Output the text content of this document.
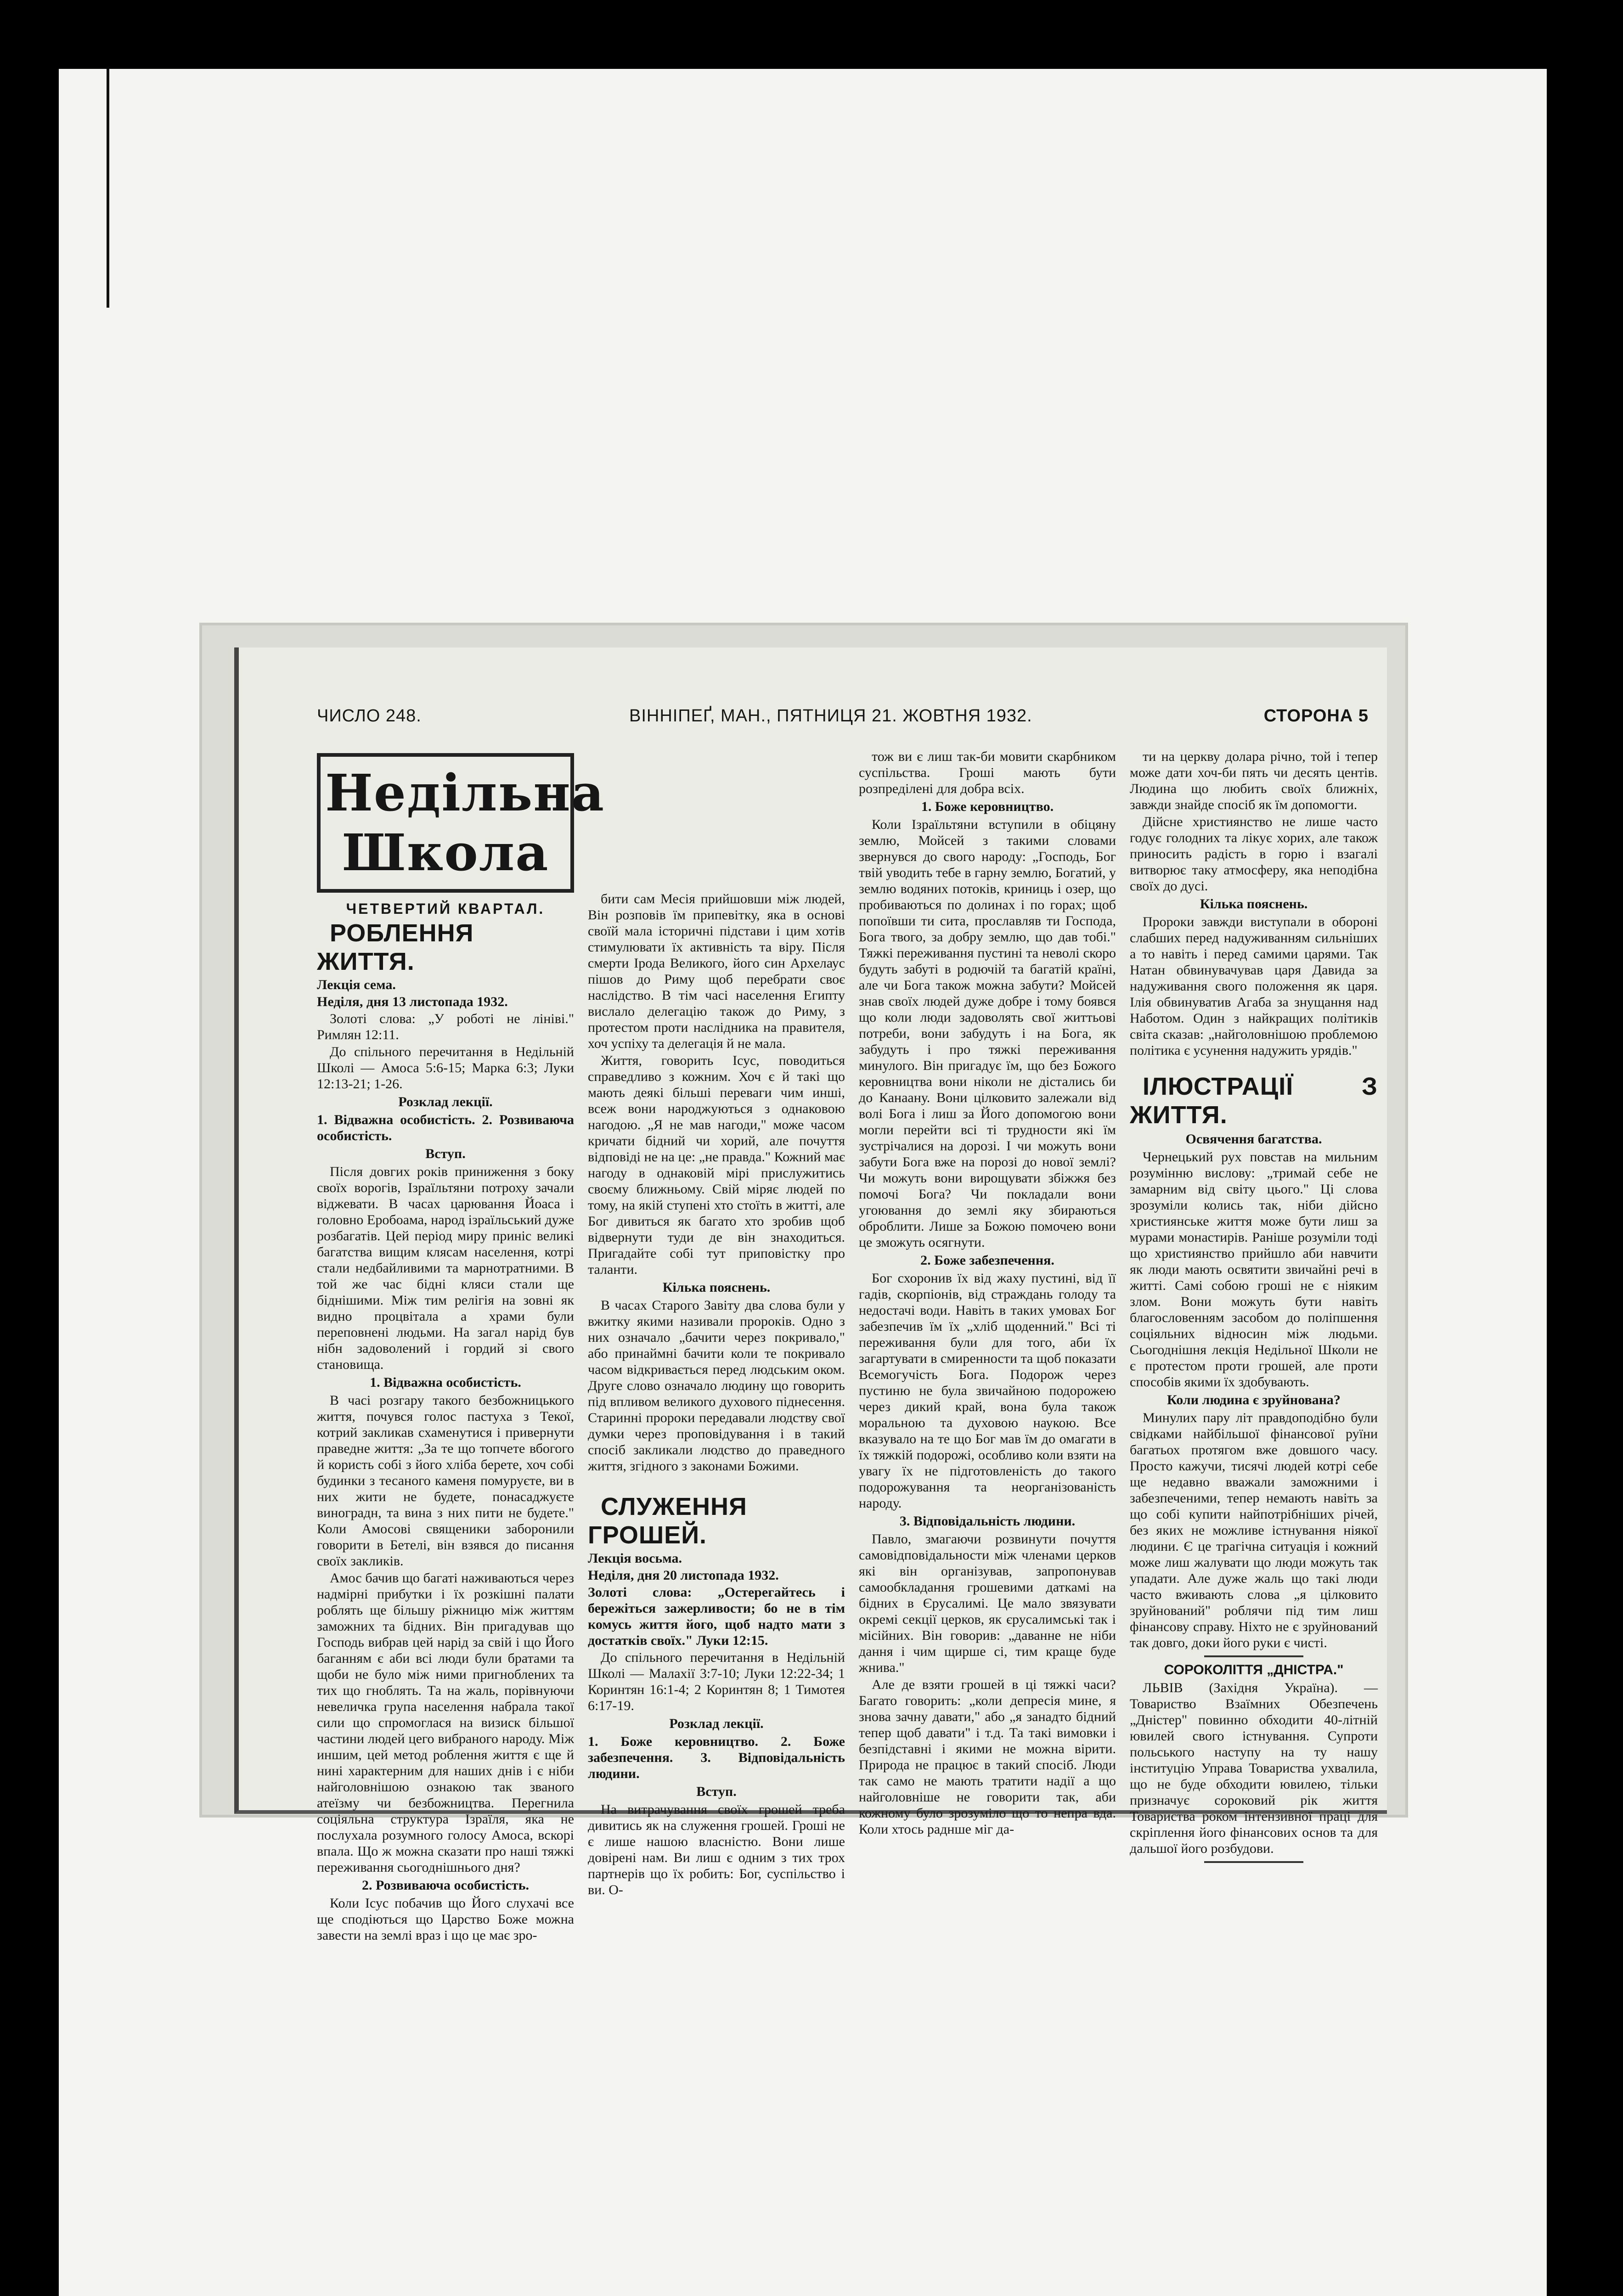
ЧИСЛО 248.	ВІННІПЕҐ, МАН., ПЯТНИЦЯ 21. ЖОВТНЯ 1932.	СТОРОНА 5
Недільна Школа

ЧЕТВЕРТИЙ КВАРТАЛ.

РОБЛЕННЯ ЖИТТЯ.

Лекція сема.

Неділя, дня 13 листопада 1932.

Золоті слова: „У роботі не лініві." Римлян 12:11.

До спільного перечитання в Недільній Школі — Амоса 5:6-15; Марка 6:3; Луки 12:13-21; 1-26.

Розклад лекції.

1. Відважна особистість. 2. Розвиваюча особистість.

Вступ.

Після довгих років приниження з боку своїх ворогів, Ізраїльтяни потроху зачали віджевати. В часах царювання Йоаса і головно Еробоама, народ ізраїльський дуже розбагатів. Цей період миру приніс великі багатства вищим клясам населення, котрі стали недбайливими та марнотратними. В той же час бідні кляси стали ще біднішими. Між тим релігія на зовні як видно процвітала а храми були переповнені людьми. На загал нарід був нібн задоволений і гордий зі свого становища.

1. Відважна особистість.

В часі розгару такого безбожницького життя, почувся голос пастуха з Текої, котрий закликав схаменутися і привернути праведне життя: „За те що топчете вбогого й користь собі з його хліба берете, хоч собі будинки з тесаного каменя помуруєте, ви в них жити не будете, понасаджуєте виноградн, та вина з них пити не будете." Коли Амосові священики заборонили говорити в Бетелі, він взявся до писання своїх закликів.

Амос бачив що багаті наживаються через надмірні прибутки і їх розкішні палати роблять ще більшу ріжницю між життям заможних та бідних. Він пригадував що Господь вибрав цей нарід за свій і що Його баганням є аби всі люди були братами та щоби не було між ними пригноблених та тих що гноблять. Та на жаль, порівнуючи невеличка група населення набрала такої сили що спромоглася на визиск більшої частини людей цего вибраного народу. Між иншим, цей метод роблення життя є ще й нині характерним для наших днів і є ніби найголовнішою ознакою так званого атеїзму чи безбожництва. Перегнила соціяльна структура Ізраїля, яка не послухала розумного голосу Амоса, вскорі впала. Що ж можна сказати про наші тяжкі переживання сьогоднішнього дня?

2. Розвиваюча особистість.

Коли Ісус побачив що Його слухачі все ще сподіються що Царство Боже можна завести на землі враз і що це має зро-

бити сам Месія прийшовши між людей, Він розповів їм припевітку, яка в основі своїй мала історичні підстави і цим хотів стимулювати їх активність та віру. Після смерти Ірода Великого, його син Архелаус пішов до Риму щоб перебрати своє наслідство. В тім часі населення Египту вислало делегацію також до Риму, з протестом проти наслідника на правителя, хоч успіху та делегація й не мала.

Життя, говорить Ісус, поводиться справедливо з кожним. Хоч є й такі що мають деякі більші переваги чим инші, всеж вони народжуються з однаковою нагодою. „Я не мав нагоди," може часом кричати бідний чи хорий, але почуття відповіді не на це: „не правда." Кожний має нагоду в однаковій мірі прислужитись своєму ближньому. Свій міряє людей по тому, на якій ступені хто стоїть в житті, але Бог дивиться як багато хто зробив щоб відвернути туди де він знаходиться. Пригадайте собі тут приповістку про таланти.

Кілька пояснень.

В часах Старого Завіту два слова були у вжитку якими називали пророків. Одно з них означало „бачити через покривало," або принаймні бачити коли те покривало часом відкривається перед людським оком. Друге слово означало людину що говорить під впливом великого духового піднесення. Старинні пророки передавали людству свої думки через проповідування і в такий спосіб закликали людство до праведного життя, згідного з законами Божими.

СЛУЖЕННЯ ГРОШЕЙ.

Лекція восьма.

Неділя, дня 20 листопада 1932.

Золоті слова: „Остерегайтесь і бережіться зажерливости; бо не в тім комусь життя його, щоб надто мати з достатків своїх." Луки 12:15.

До спільного перечитання в Недільній Школі — Малахії 3:7-10; Луки 12:22-34; 1 Коринтян 16:1-4; 2 Коринтян 8; 1 Тимотея 6:17-19.

Розклад лекції.

1. Боже керовництво. 2. Боже забезпечення. 3. Відповідальність людини.

Вступ.

На витрачування своїх грошей треба дивитись як на служення грошей. Гроші не є лише нашою власністю. Вони лише довірені нам. Ви лиш є одним з тих трох партнерів що їх робить: Бог, суспільство і ви. О-

тож ви є лиш так-би мовити скарбником суспільства. Гроші мають бути розпреділені для добра всіх.

1. Боже керовництво.

Коли Ізраїльтяни вступили в обіцяну землю, Мойсей з такими словами звернувся до свого народу: „Господь, Бог твій уводить тебе в гарну землю, Богатий, у землю водяних потоків, криниць і озер, що пробиваються по долинах і по горах; щоб попоївши ти сита, прославляв ти Господа, Бога твого, за добру землю, що дав тобі." Тяжкі переживання пустині та неволі скоро будуть забуті в родючій та багатій країні, але чи Бога також можна забути? Мойсей знав своїх людей дуже добре і тому боявся що коли люди задоволять свої життьові потреби, вони забудуть і на Бога, як забудуть і про тяжкі переживання минулого. Він пригадує їм, що без Божого керовництва вони ніколи не дістались би до Канаану. Вони цілковито залежали від волі Бога і лиш за Його допомогою вони могли перейти всі ті трудности які їм зустрічалися на дорозі. І чи можуть вони забути Бога вже на порозі до нової землі? Чи можуть вони вирощувати збіжжя без помочі Бога? Чи покладали вони угоювання до землі яку збираються оброблити. Лише за Божою помочею вони це зможуть осягнути.

2. Боже забезпечення.

Бог схоронив їх від жаху пустині, від її гадів, скорпіонів, від страждань голоду та недостачі води. Навіть в таких умовах Бог забезпечив їм їх „хліб щоденний." Всі ті переживання були для того, аби їх загартувати в смиренности та щоб показати Всемогучість Бога. Подорож через пустиню не була звичайною подорожею через дикий край, вона була також моральною та духовою наукою. Все вказувало на те що Бог мав їм до омагати в їх тяжкій подорожі, особливо коли взяти на увагу їх не підготовленість до такого подорожування та неорганізованість народу.

3. Відповідальність людини.

Павло, змагаючи розвинути почуття самовідповідальности між членами церков які він організував, запропонував самообкладання грошевими даткамі на бідних в Єрусалимі. Це мало звязувати окремі секції церков, як єрусалимські так і місійних. Він говорив: „даванне не ніби дання і чим щирше сі, тим краще буде жнива."

Але де взяти грошей в ці тяжкі часи? Багато говорить: „коли депресія мине, я знова зачну давати," або „я занадто бідний тепер щоб давати" і т.д. Та такі вимовки і безпідставні і якими не можна вірити. Природа не працює в такий спосіб. Люди так само не мають тратити надії а що найголовніше не говорити так, аби кожному було зрозуміло що то непра вда. Коли хтось раднше міг да-

ти на церкву долара річно, той і тепер може дати хоч-би пять чи десять центів. Людина що любить своїх ближніх, завжди знайде спосіб як їм допомогти.

Дійсне християнство не лише часто годує голодних та лікує хорих, але також приносить радість в горю і взагалі витворює таку атмосферу, яка неподібна своїх до дусі.

Кілька пояснень.

Пророки завжди виступали в обороні слабших перед надуживанням сильніших а то навіть і перед самими царями. Так Натан обвинувачував царя Давида за надуживання свого положення як царя. Ілія обвинуватив Агаба за знущання над Наботом. Один з найкращих політиків світа сказав: „найголовнішою проблемою політика є усунення надужить урядів."

ІЛЮСТРАЦІЇ З ЖИТТЯ.

Освячення багатства.

Чернецький рух повстав на мильним розумінню вислову: „тримай себе не замарним від світу цього." Ці слова зрозуміли колись так, ніби дійсно християнське життя може бути лиш за мурами монастирів. Раніше розуміли тоді що християнство прийшло аби навчити як люди мають освятити звичайні речі в житті. Самі собою гроші не є ніяким злом. Вони можуть бути навіть благословенням засобом до поліпшення соціяльних відносин між людьми. Сьогоднішня лекція Недільної Школи не є протестом проти грошей, але проти способів якими їх здобувають.

Коли людина є зруйнована?

Минулих пару літ правдоподібно були свідками найбільшої фінансової руїни багатьох протягом вже довшого часу. Просто кажучи, тисячі людей котрі себе ще недавно вважали заможними і забезпеченими, тепер немають навіть за що собі купити найпотрібніших річей, без яких не можливе істнування ніякої людини. Є це трагічна ситуація і кожний може лиш жалувати що люди можуть так упадати. Але дуже жаль що такі люди часто вживають слова „я цілковито зруйнований" роблячи під тим лиш фінансову справу. Ніхто не є зруйнований так довго, доки його руки є чисті.

СОРОКОЛІТТЯ „ДНІСТРА."

ЛЬВІВ (Західня Україна). — Товариство Взаїмних Обезпечень „Дністер" повинно обходити 40-літній ювилей свого істнування. Супроти польського наступу на ту нашу інституцію Управа Товариства ухвалила, що не буде обходити ювилею, тільки призначує сороковий рік життя Товариства роком інтензивної праці для скріплення його фінансових основ та для дальшої його розбудови.
